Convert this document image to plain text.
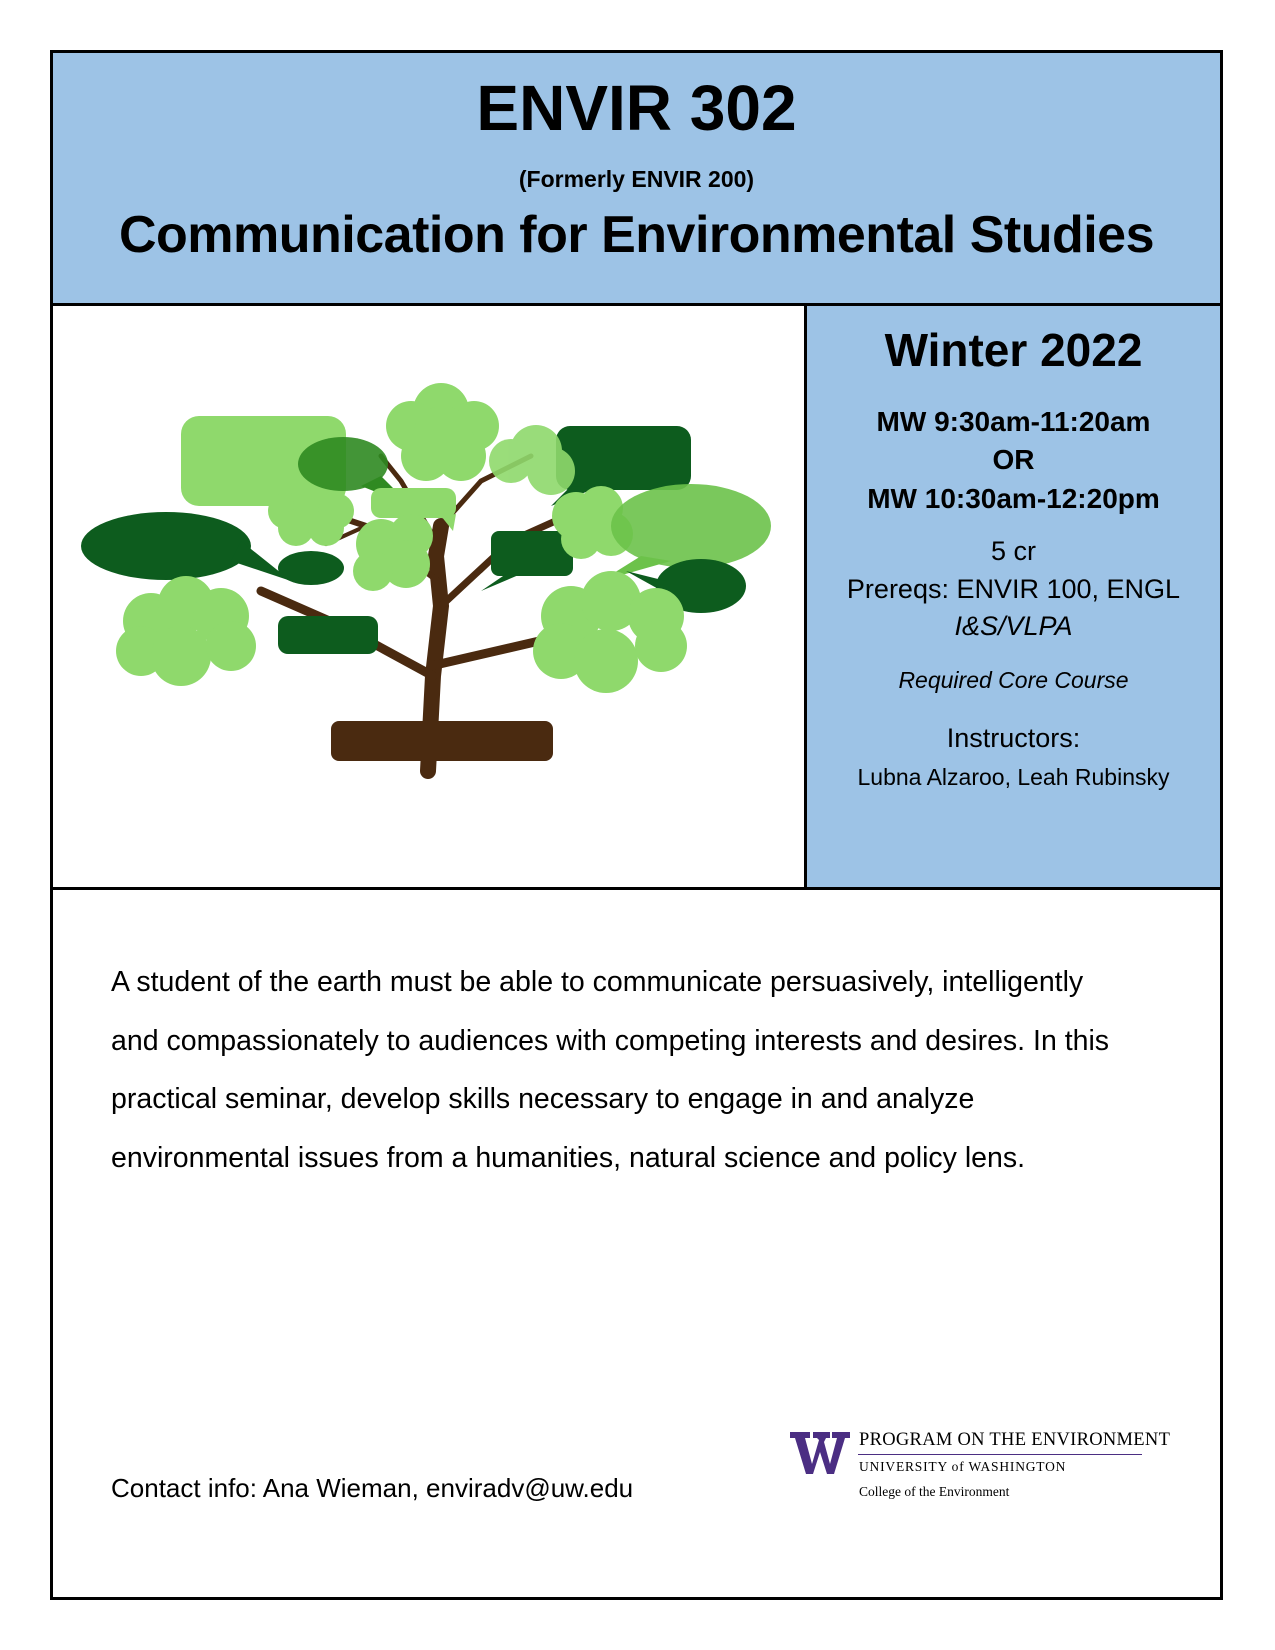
ENVIR 302
(Formerly ENVIR 200)
Communication for Environmental Studies
Winter 2022
MW 9:30am-11:20am
OR
MW 10:30am-12:20pm
5 cr
Prereqs: ENVIR 100, ENGL
I&S/VLPA
Required Core Course
Instructors:
Lubna Alzaroo, Leah Rubinsky

A student of the earth must be able to communicate persuasively, intelligently
and compassionately to audiences with competing interests and desires. In this
practical seminar, develop skills necessary to engage in and analyze
environmental issues from a humanities, natural science and policy lens.

Contact info: Ana Wieman, enviradv@uw.edu
PROGRAM ON THE ENVIRONMENT
UNIVERSITY of WASHINGTON
College of the Environment
